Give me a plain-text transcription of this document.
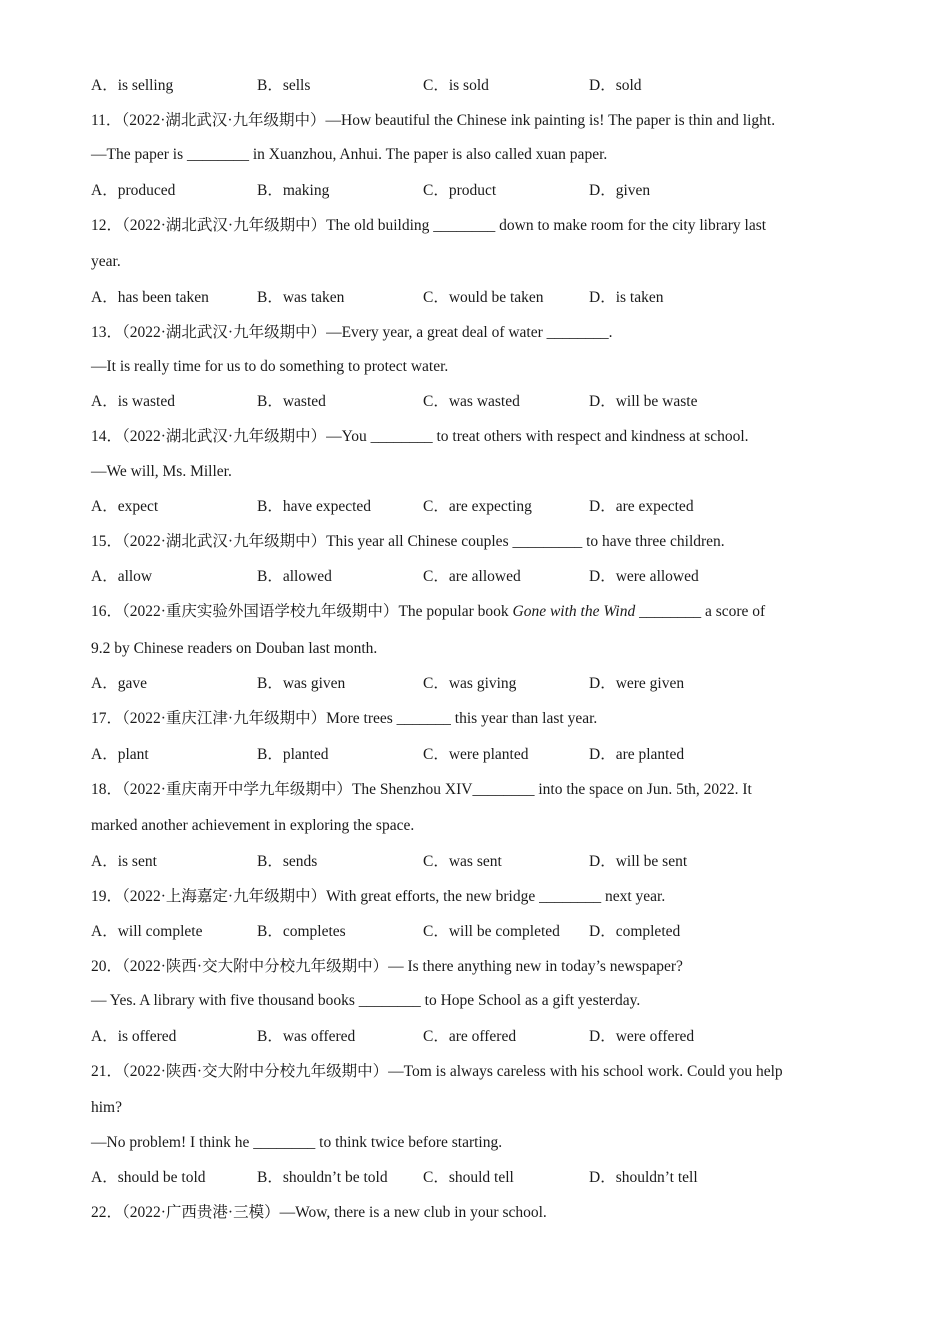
A．is selling	B．sells	C．is sold	D．sold
11．（2022·湖北武汉·九年级期中）—How beautiful the Chinese ink painting is! The paper is thin and light.
—The paper is ________ in Xuanzhou, Anhui. The paper is also called xuan paper.
A．produced	B．making	C．product	D．given
12．（2022·湖北武汉·九年级期中）The old building ________ down to make room for the city library last
year.
A．has been taken	B．was taken	C．would be taken	D．is taken
13．（2022·湖北武汉·九年级期中）—Every year, a great deal of water ________.
—It is really time for us to do something to protect water.
A．is wasted	B．wasted	C．was wasted	D．will be waste
14．（2022·湖北武汉·九年级期中）—You ________ to treat others with respect and kindness at school.
—We will, Ms. Miller.
A．expect	B．have expected	C．are expecting	D．are expected
15．（2022·湖北武汉·九年级期中）This year all Chinese couples _________ to have three children.
A．allow	B．allowed	C．are allowed	D．were allowed
16．（2022·重庆实验外国语学校九年级期中）The popular book Gone with the Wind ________ a score of
9.2 by Chinese readers on Douban last month.
A．gave	B．was given	C．was giving	D．were given
17．（2022·重庆江津·九年级期中）More trees _______ this year than last year.
A．plant	B．planted	C．were planted	D．are planted
18．（2022·重庆南开中学九年级期中）The Shenzhou XIV________ into the space on Jun. 5th, 2022. It
marked another achievement in exploring the space.
A．is sent	B．sends	C．was sent	D．will be sent
19．（2022·上海嘉定·九年级期中）With great efforts, the new bridge ________ next year.
A．will complete	B．completes	C．will be completed D．completed
20．（2022·陕西·交大附中分校九年级期中）— Is there anything new in today’s newspaper?
— Yes. A library with five thousand books ________ to Hope School as a gift yesterday.
A．is offered	B．was offered	C．are offered	D．were offered
21．（2022·陕西·交大附中分校九年级期中）—Tom is always careless with his school work. Could you help
him?
—No problem! I think he ________ to think twice before starting.
A．should be told	B．shouldn’t be told C．should tell	D．shouldn’t tell
22．（2022·广西贵港·三模）—Wow, there is a new club in your school.
